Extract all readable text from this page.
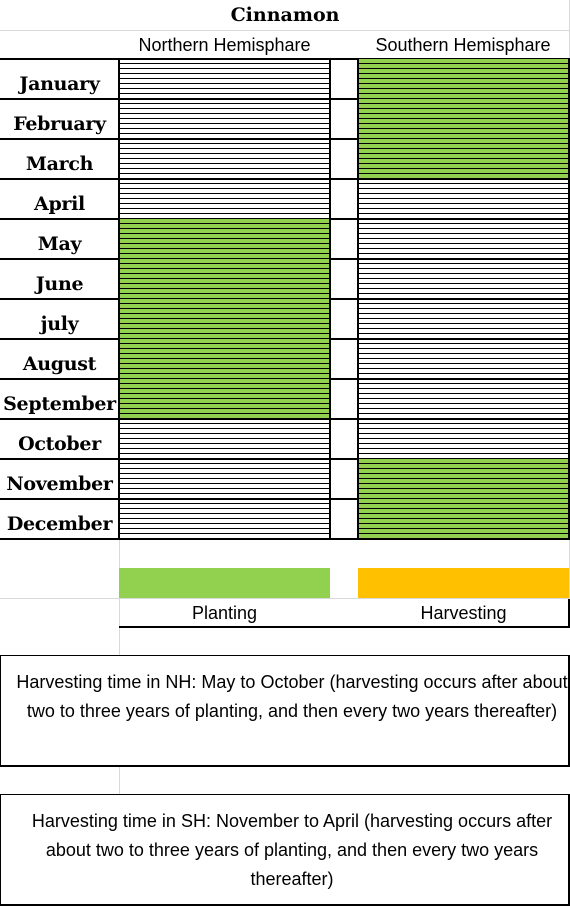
Cinnamon
Northern Hemisphare	Southern Hemisphare
January
February
March
April
May
June
july
August
September
October
November
December
Planting	Harvesting
Harvesting time in NH: May to October (harvesting occurs after about two to three years of planting, and then every two years thereafter)
Harvesting time in SH: November to April (harvesting occurs after about two to three years of planting, and then every two years thereafter)
